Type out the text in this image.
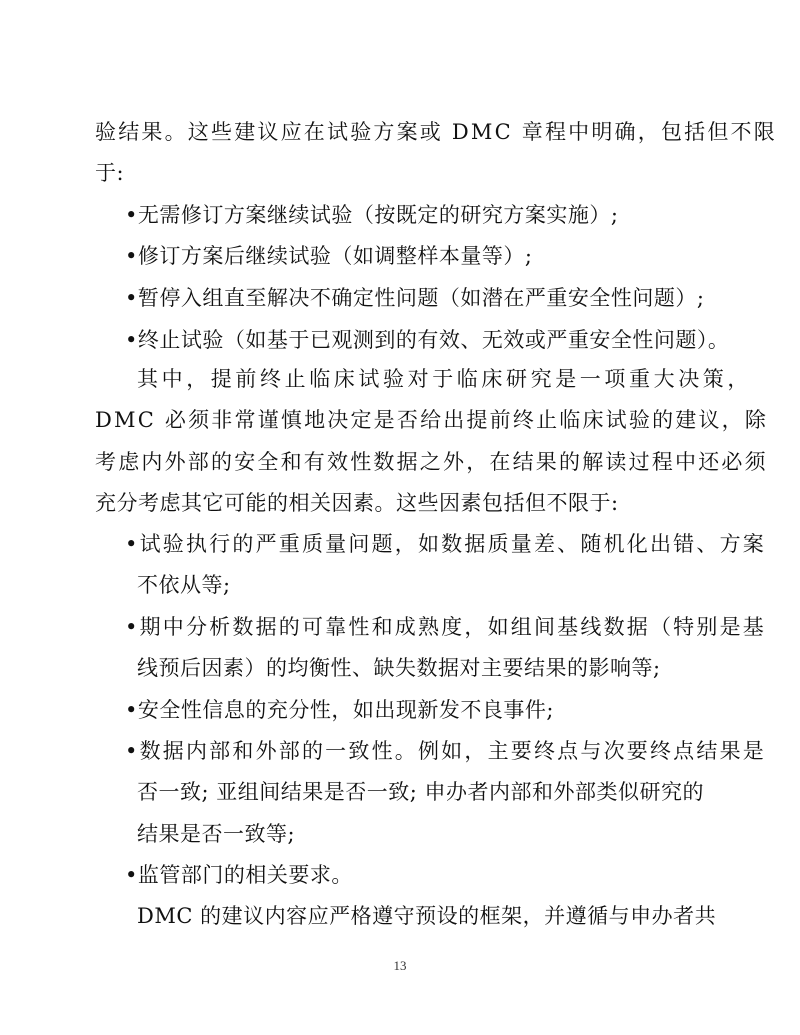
验结果。这些建议应在试验方案或 DMC 章程中明确，包括但不限
于:
•无需修订方案继续试验（按既定的研究方案实施）;
•修订方案后继续试验（如调整样本量等）;
•暂停入组直至解决不确定性问题（如潜在严重安全性问题）;
•终止试验（如基于已观测到的有效、无效或严重安全性问题）。
其中，提前终止临床试验对于临床研究是一项重大决策，
DMC 必须非常谨慎地决定是否给出提前终止临床试验的建议，除
考虑内外部的安全和有效性数据之外，在结果的解读过程中还必须
充分考虑其它可能的相关因素。这些因素包括但不限于:
•试验执行的严重质量问题，如数据质量差、随机化出错、方案
不依从等;
•期中分析数据的可靠性和成熟度，如组间基线数据（特别是基
线预后因素）的均衡性、缺失数据对主要结果的影响等;
•安全性信息的充分性，如出现新发不良事件;
•数据内部和外部的一致性。例如，主要终点与次要终点结果是
否一致; 亚组间结果是否一致; 申办者内部和外部类似研究的
结果是否一致等;
•监管部门的相关要求。
DMC 的建议内容应严格遵守预设的框架，并遵循与申办者共
13
